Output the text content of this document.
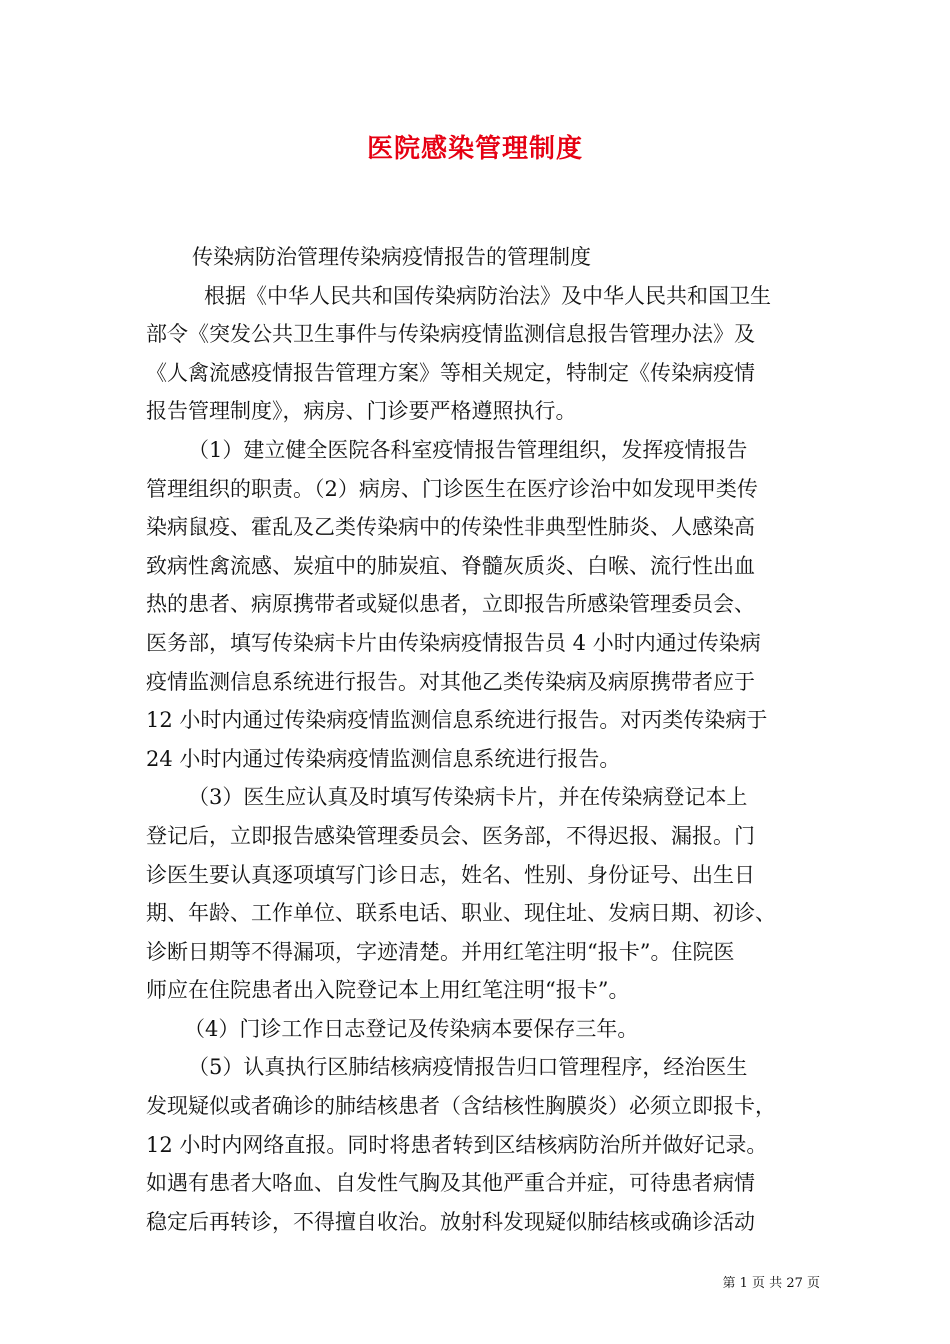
医院感染管理制度

传染病防治管理传染病疫情报告的管理制度

根据《中华人民共和国传染病防治法》及中华人民共和国卫生

部令《突发公共卫生事件与传染病疫情监测信息报告管理办法》及

《人禽流感疫情报告管理方案》等相关规定，特制定《传染病疫情

报告管理制度》，病房、门诊要严格遵照执行。

（1）建立健全医院各科室疫情报告管理组织，发挥疫情报告

管理组织的职责。（2）病房、门诊医生在医疗诊治中如发现甲类传

染病鼠疫、霍乱及乙类传染病中的传染性非典型性肺炎、人感染高

致病性禽流感、炭疽中的肺炭疽、脊髓灰质炎、白喉、流行性出血

热的患者、病原携带者或疑似患者，立即报告所感染管理委员会、

医务部，填写传染病卡片由传染病疫情报告员 4 小时内通过传染病

疫情监测信息系统进行报告。对其他乙类传染病及病原携带者应于

12 小时内通过传染病疫情监测信息系统进行报告。对丙类传染病于

24 小时内通过传染病疫情监测信息系统进行报告。

（3）医生应认真及时填写传染病卡片，并在传染病登记本上

登记后，立即报告感染管理委员会、医务部，不得迟报、漏报。门

诊医生要认真逐项填写门诊日志，姓名、性别、身份证号、出生日

期、年龄、工作单位、联系电话、职业、现住址、发病日期、初诊、

诊断日期等不得漏项，字迹清楚。并用红笔注明“报卡”。住院医

师应在住院患者出入院登记本上用红笔注明“报卡”。

（4）门诊工作日志登记及传染病本要保存三年。

（5）认真执行区肺结核病疫情报告归口管理程序，经治医生

发现疑似或者确诊的肺结核患者（含结核性胸膜炎）必须立即报卡，

12 小时内网络直报。同时将患者转到区结核病防治所并做好记录。

如遇有患者大咯血、自发性气胸及其他严重合并症，可待患者病情

稳定后再转诊，不得擅自收治。放射科发现疑似肺结核或确诊活动

第 1 页 共 27 页
